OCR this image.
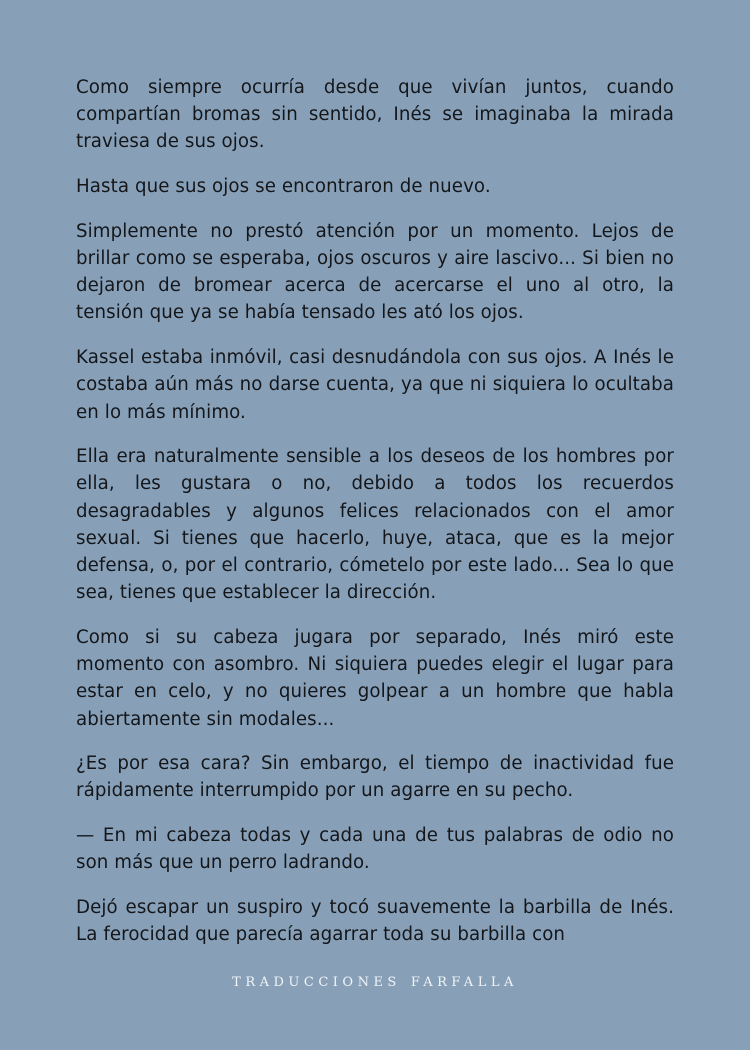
Como siempre ocurría desde que vivían juntos, cuando compartían bromas sin sentido, Inés se imaginaba la mirada traviesa de sus ojos.

Hasta que sus ojos se encontraron de nuevo.

Simplemente no prestó atención por un momento. Lejos de brillar como se esperaba, ojos oscuros y aire lascivo... Si bien no dejaron de bromear acerca de acercarse el uno al otro, la tensión que ya se había tensado les ató los ojos.

Kassel estaba inmóvil, casi desnudándola con sus ojos. A Inés le costaba aún más no darse cuenta, ya que ni siquiera lo ocultaba en lo más mínimo.

Ella era naturalmente sensible a los deseos de los hombres por ella, les gustara o no, debido a todos los recuerdos desagradables y algunos felices relacionados con el amor sexual. Si tienes que hacerlo, huye, ataca, que es la mejor defensa, o, por el contrario, cómetelo por este lado... Sea lo que sea, tienes que establecer la dirección.

Como si su cabeza jugara por separado, Inés miró este momento con asombro. Ni siquiera puedes elegir el lugar para estar en celo, y no quieres golpear a un hombre que habla abiertamente sin modales...

¿Es por esa cara? Sin embargo, el tiempo de inactividad fue rápidamente interrumpido por un agarre en su pecho.

— En mi cabeza todas y cada una de tus palabras de odio no son más que un perro ladrando.

Dejó escapar un suspiro y tocó suavemente la barbilla de Inés. La ferocidad que parecía agarrar toda su barbilla con

TRADUCCIONES FARFALLA
